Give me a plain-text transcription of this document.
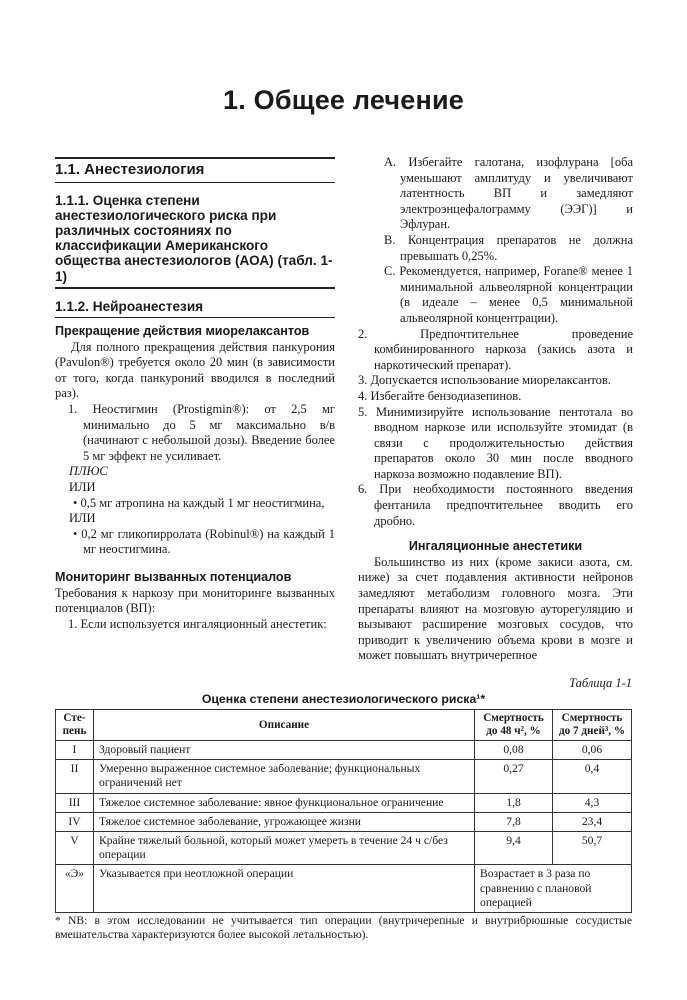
1. Общее лечение
1.1. Анестезиология
1.1.1. Оценка степени анестезиологического риска при различных состояниях по классификации Американского общества анестезиологов (АОА) (табл. 1-1)
1.1.2. Нейроанестезия
Прекращение действия миорелаксантов

Для полного прекращения действия панкурония (Pavulon®) требуется около 20 мин (в зависимости от того, когда панкуроний вводился в последний раз).

1. Неостигмин (Prostigmin®): от 2,5 мг минимально до 5 мг максимально в/в (начинают с небольшой дозы). Введение более 5 мг эффект не усиливает.

ПЛЮС

ИЛИ

• 0,5 мг атропина на каждый 1 мг неостигмина,

ИЛИ

• 0,2 мг гликопирролата (Robinul®) на каждый 1 мг неостигмина.

Мониторинг вызванных потенциалов

Требования к наркозу при мониторинге вызванных потенциалов (ВП):

1. Если используется ингаляционный анестетик:

A. Избегайте галотана, изофлурана [оба уменьшают амплитуду и увеличивают латентность ВП и замедляют электроэнцефалограмму (ЭЭГ)] и Эфлуран.

B. Концентрация препаратов не должна превышать 0,25%.

C. Рекомендуется, например, Forane® менее 1 минимальной альвеолярной концентрации (в идеале – менее 0,5 минимальной альвеолярной концентрации).

2. Предпочтительнее проведение комбинированного наркоза (закись азота и наркотический препарат).

3. Допускается использование миорелаксантов.

4. Избегайте бензодиазепинов.

5. Минимизируйте использование пентотала во вводном наркозе или используйте этомидат (в связи с продолжительностью действия препаратов около 30 мин после вводного наркоза возможно подавление ВП).

6. При необходимости постоянного введения фентанила предпочтительнее вводить его дробно.

Ингаляционные анестетики

Большинство из них (кроме закиси азота, см. ниже) за счет подавления активности нейронов замедляют метаболизм головного мозга. Эти препараты влияют на мозговую ауторегуляцию и вызывают расширение мозговых сосудов, что приводит к увеличению объема крови в мозге и может повышать внутричерепное

Таблица 1-1
Оценка степени анестезиологического риска¹*
Сте-пень	Описание	Смертность до 48 ч², %	Смертность до 7 дней³, %
I	Здоровый пациент	0,08	0,06
II	Умеренно выраженное системное заболевание; функциональных ограничений нет	0,27	0,4
III	Тяжелое системное заболевание: явное функциональное ограничение	1,8	4,3
IV	Тяжелое системное заболевание, угрожающее жизни	7,8	23,4
V	Крайне тяжелый больной, который может умереть в течение 24 ч с/без операции	9,4	50,7
«Э»	Указывается при неотложной операции	Возрастает в 3 раза по сравнению с плановой операцией	
* NB: в этом исследовании не учитывается тип операции (внутричерепные и внутрибрюшные сосудистые вмешательства характеризуются более высокой летальностью).
